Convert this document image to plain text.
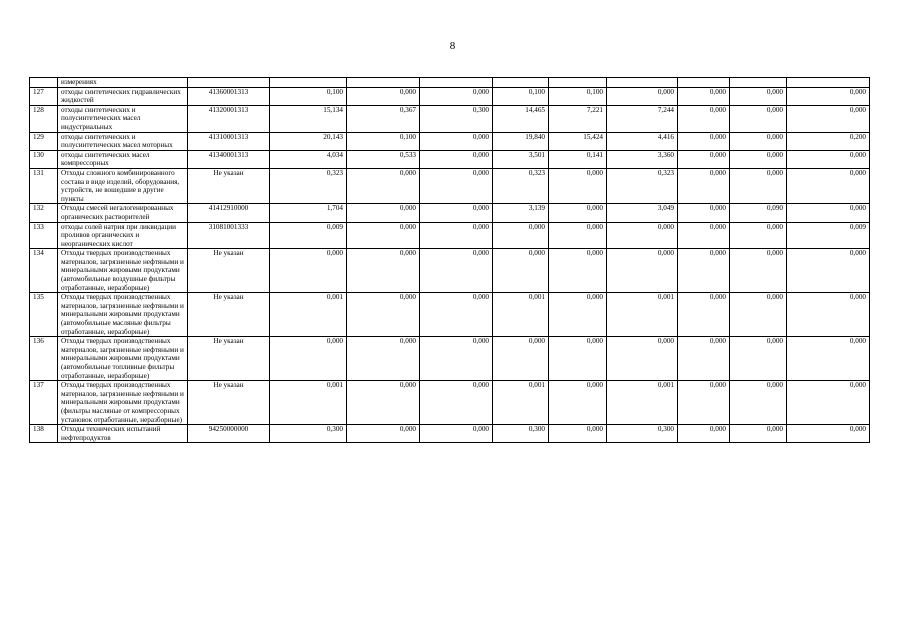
8
	измерениях										
127	отходы синтетических гидравлических жидкостей	41360001313	0,100	0,000	0,000	0,100	0,100	0,000	0,000	0,000	0,000
128	отходы синтетических и полусинтетических масел индустриальных	41320001313	15,134	0,367	0,300	14,465	7,221	7,244	0,000	0,000	0,000
129	отходы синтетических и полусинтетических масел моторных	41310001313	20,143	0,100	0,000	19,840	15,424	4,416	0,000	0,000	0,200
130	отходы синтетических масел компрессорных	41340001313	4,034	0,533	0,000	3,501	0,141	3,360	0,000	0,000	0,000
131	Отходы сложного комбинированного состава в виде изделий, оборудования, устройств, не вошедшие в другие пункты	Не указан	0,323	0,000	0,000	0,323	0,000	0,323	0,000	0,000	0,000
132	Отходы смесей негалогенированных органических растворителей	41412910000	1,704	0,000	0,000	3,139	0,000	3,049	0,000	0,090	0,000
133	отходы солей натрия при ликвидации проливов органических и неорганических кислот	31081001333	0,009	0,000	0,000	0,000	0,000	0,000	0,000	0,000	0,009
134	Отходы твердых производственных материалов, загрязненные нефтяными и минеральными жировыми продуктами (автомобильные воздушные фильтры отработанные, неразборные)	Не указан	0,000	0,000	0,000	0,000	0,000	0,000	0,000	0,000	0,000
135	Отходы твердых производственных материалов, загрязненные нефтяными и минеральными жировыми продуктами (автомобильные масляные фильтры отработанные, неразборные)	Не указан	0,001	0,000	0,000	0,001	0,000	0,001	0,000	0,000	0,000
136	Отходы твердых производственных материалов, загрязненные нефтяными и минеральными жировыми продуктами (автомобильные топливные фильтры отработанные, неразборные)	Не указан	0,000	0,000	0,000	0,000	0,000	0,000	0,000	0,000	0,000
137	Отходы твердых производственных материалов, загрязненные нефтяными и минеральными жировыми продуктами (фильтры масляные от компрессорных установок отработанные, неразборные)	Не указан	0,001	0,000	0,000	0,001	0,000	0,001	0,000	0,000	0,000
138	Отходы технических испытаний нефтепродуктов	94250000000	0,300	0,000	0,000	0,300	0,000	0,300	0,000	0,000	0,000
